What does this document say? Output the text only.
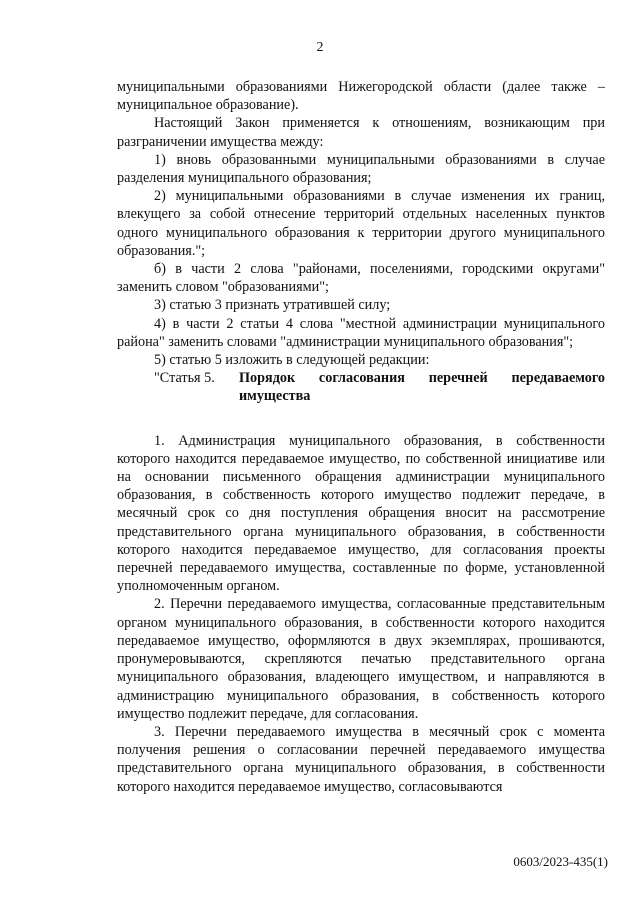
2

муниципальными образованиями Нижегородской области (далее также – муниципальное образование).

Настоящий Закон применяется к отношениям, возникающим при разграничении имущества между:

1) вновь образованными муниципальными образованиями в случае разделения муниципального образования;

2) муниципальными образованиями в случае изменения их границ, влекущего за собой отнесение территорий отдельных населенных пунктов одного муниципального образования к территории другого муниципального образования.";

б) в части 2 слова "районами, поселениями, городскими округами" заменить словом "образованиями";

3) статью 3 признать утратившей силу;

4) в части 2 статьи 4 слова "местной администрации муниципального района" заменить словами "администрации муниципального образования";

5) статью 5 изложить в следующей редакции:

"Статья 5.	Порядок согласования перечней передаваемого имущества

1. Администрация муниципального образования, в собственности которого находится передаваемое имущество, по собственной инициативе или на основании письменного обращения администрации муниципального образования, в собственность которого имущество подлежит передаче, в месячный срок со дня поступления обращения вносит на рассмотрение представительного органа муниципального образования, в собственности которого находится передаваемое имущество, для согласования проекты перечней передаваемого имущества, составленные по форме, установленной уполномоченным органом.

2. Перечни передаваемого имущества, согласованные представительным органом муниципального образования, в собственности которого находится передаваемое имущество, оформляются в двух экземплярах, прошиваются, пронумеровываются, скрепляются печатью представительного органа муниципального образования, владеющего имуществом, и направляются в администрацию муниципального образования, в собственность которого имущество подлежит передаче, для согласования.

3. Перечни передаваемого имущества в месячный срок с момента получения решения о согласовании перечней передаваемого имущества представительного органа муниципального образования, в собственности которого находится передаваемое имущество, согласовываются

0603/2023-435(1)
